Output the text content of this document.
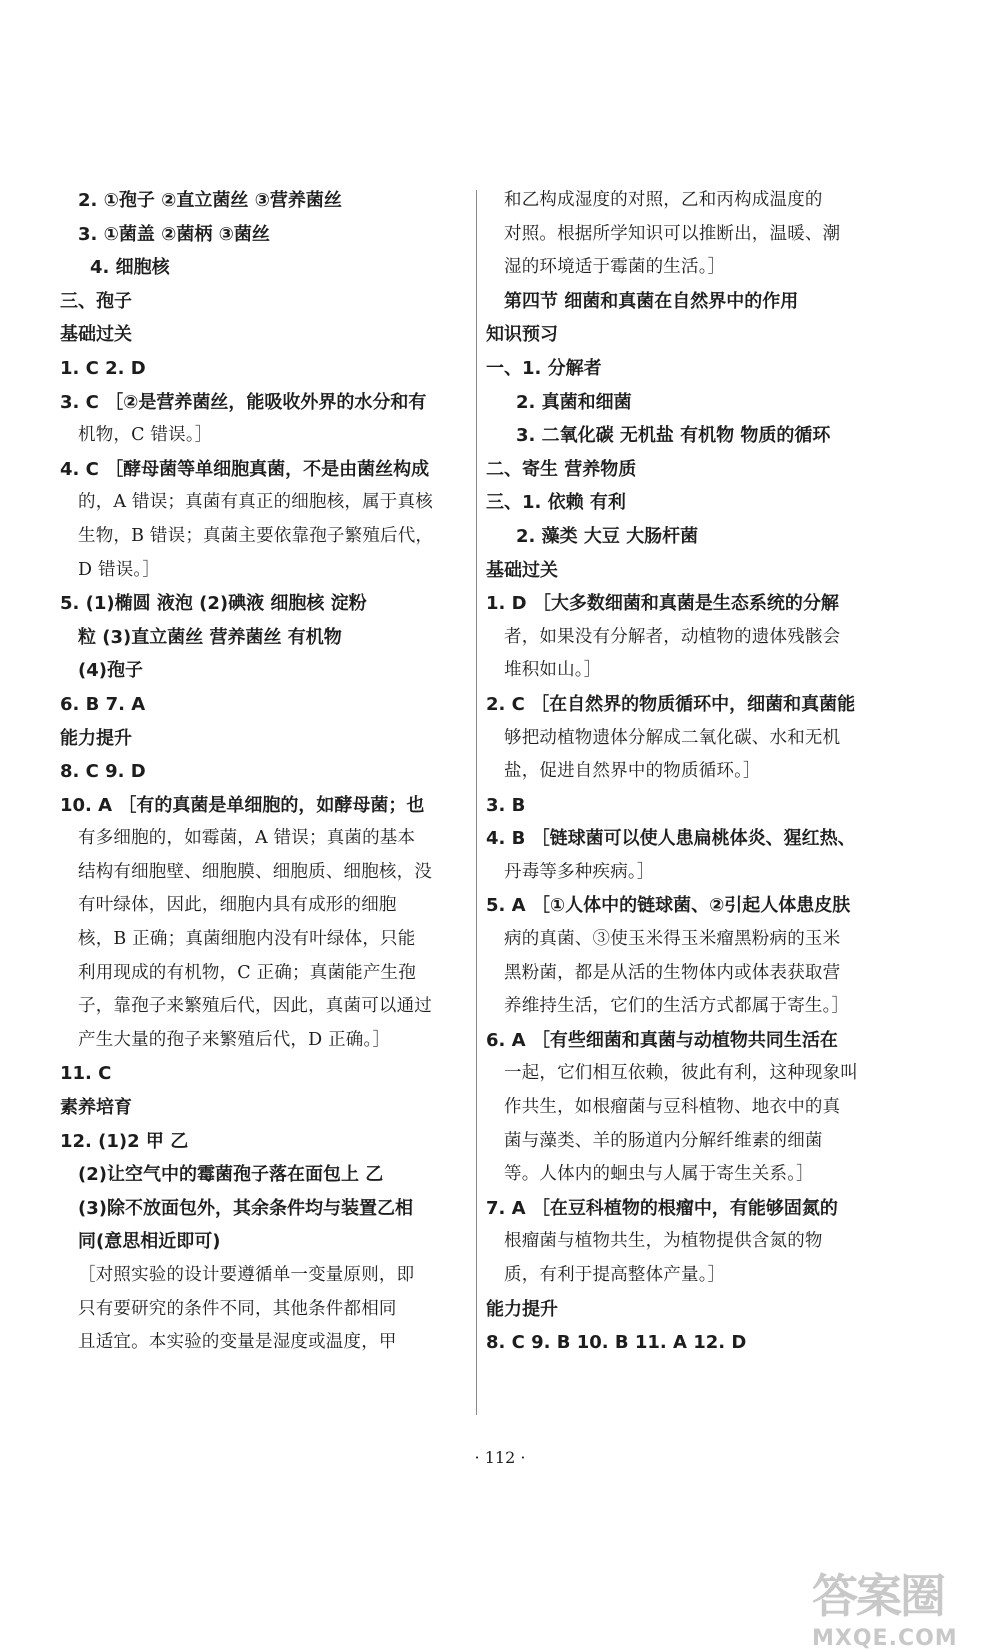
2. ①孢子 ②直立菌丝 ③营养菌丝
3. ①菌盖 ②菌柄 ③菌丝
4. 细胞核
三、孢子
基础过关
1. C 2. D
3. C ［②是营养菌丝，能吸收外界的水分和有
机物，C 错误。］
4. C ［酵母菌等单细胞真菌，不是由菌丝构成
的，A 错误；真菌有真正的细胞核，属于真核
生物，B 错误；真菌主要依靠孢子繁殖后代，
D 错误。］
5. (1)椭圆 液泡 (2)碘液 细胞核 淀粉
粒 (3)直立菌丝 营养菌丝 有机物
(4)孢子
6. B 7. A
能力提升
8. C 9. D
10. A ［有的真菌是单细胞的，如酵母菌；也
有多细胞的，如霉菌，A 错误；真菌的基本
结构有细胞壁、细胞膜、细胞质、细胞核，没
有叶绿体，因此，细胞内具有成形的细胞
核，B 正确；真菌细胞内没有叶绿体，只能
利用现成的有机物，C 正确；真菌能产生孢
子，靠孢子来繁殖后代，因此，真菌可以通过
产生大量的孢子来繁殖后代，D 正确。］
11. C
素养培育
12. (1)2 甲 乙
(2)让空气中的霉菌孢子落在面包上 乙
(3)除不放面包外，其余条件均与装置乙相
同(意思相近即可)
［对照实验的设计要遵循单一变量原则，即
只有要研究的条件不同，其他条件都相同
且适宜。本实验的变量是湿度或温度，甲
和乙构成湿度的对照，乙和丙构成温度的
对照。根据所学知识可以推断出，温暖、潮
湿的环境适于霉菌的生活。］
第四节 细菌和真菌在自然界中的作用
知识预习
一、1. 分解者
2. 真菌和细菌
3. 二氧化碳 无机盐 有机物 物质的循环
二、寄生 营养物质
三、1. 依赖 有利
2. 藻类 大豆 大肠杆菌
基础过关
1. D ［大多数细菌和真菌是生态系统的分解
者，如果没有分解者，动植物的遗体残骸会
堆积如山。］
2. C ［在自然界的物质循环中，细菌和真菌能
够把动植物遗体分解成二氧化碳、水和无机
盐，促进自然界中的物质循环。］
3. B
4. B ［链球菌可以使人患扁桃体炎、猩红热、
丹毒等多种疾病。］
5. A ［①人体中的链球菌、②引起人体患皮肤
病的真菌、③使玉米得玉米瘤黑粉病的玉米
黑粉菌，都是从活的生物体内或体表获取营
养维持生活，它们的生活方式都属于寄生。］
6. A ［有些细菌和真菌与动植物共同生活在
一起，它们相互依赖，彼此有利，这种现象叫
作共生，如根瘤菌与豆科植物、地衣中的真
菌与藻类、羊的肠道内分解纤维素的细菌
等。人体内的蛔虫与人属于寄生关系。］
7. A ［在豆科植物的根瘤中，有能够固氮的
根瘤菌与植物共生，为植物提供含氮的物
质，有利于提高整体产量。］
能力提升
8. C 9. B 10. B 11. A 12. D
· 112 ·
答案圈
MXQE.COM
